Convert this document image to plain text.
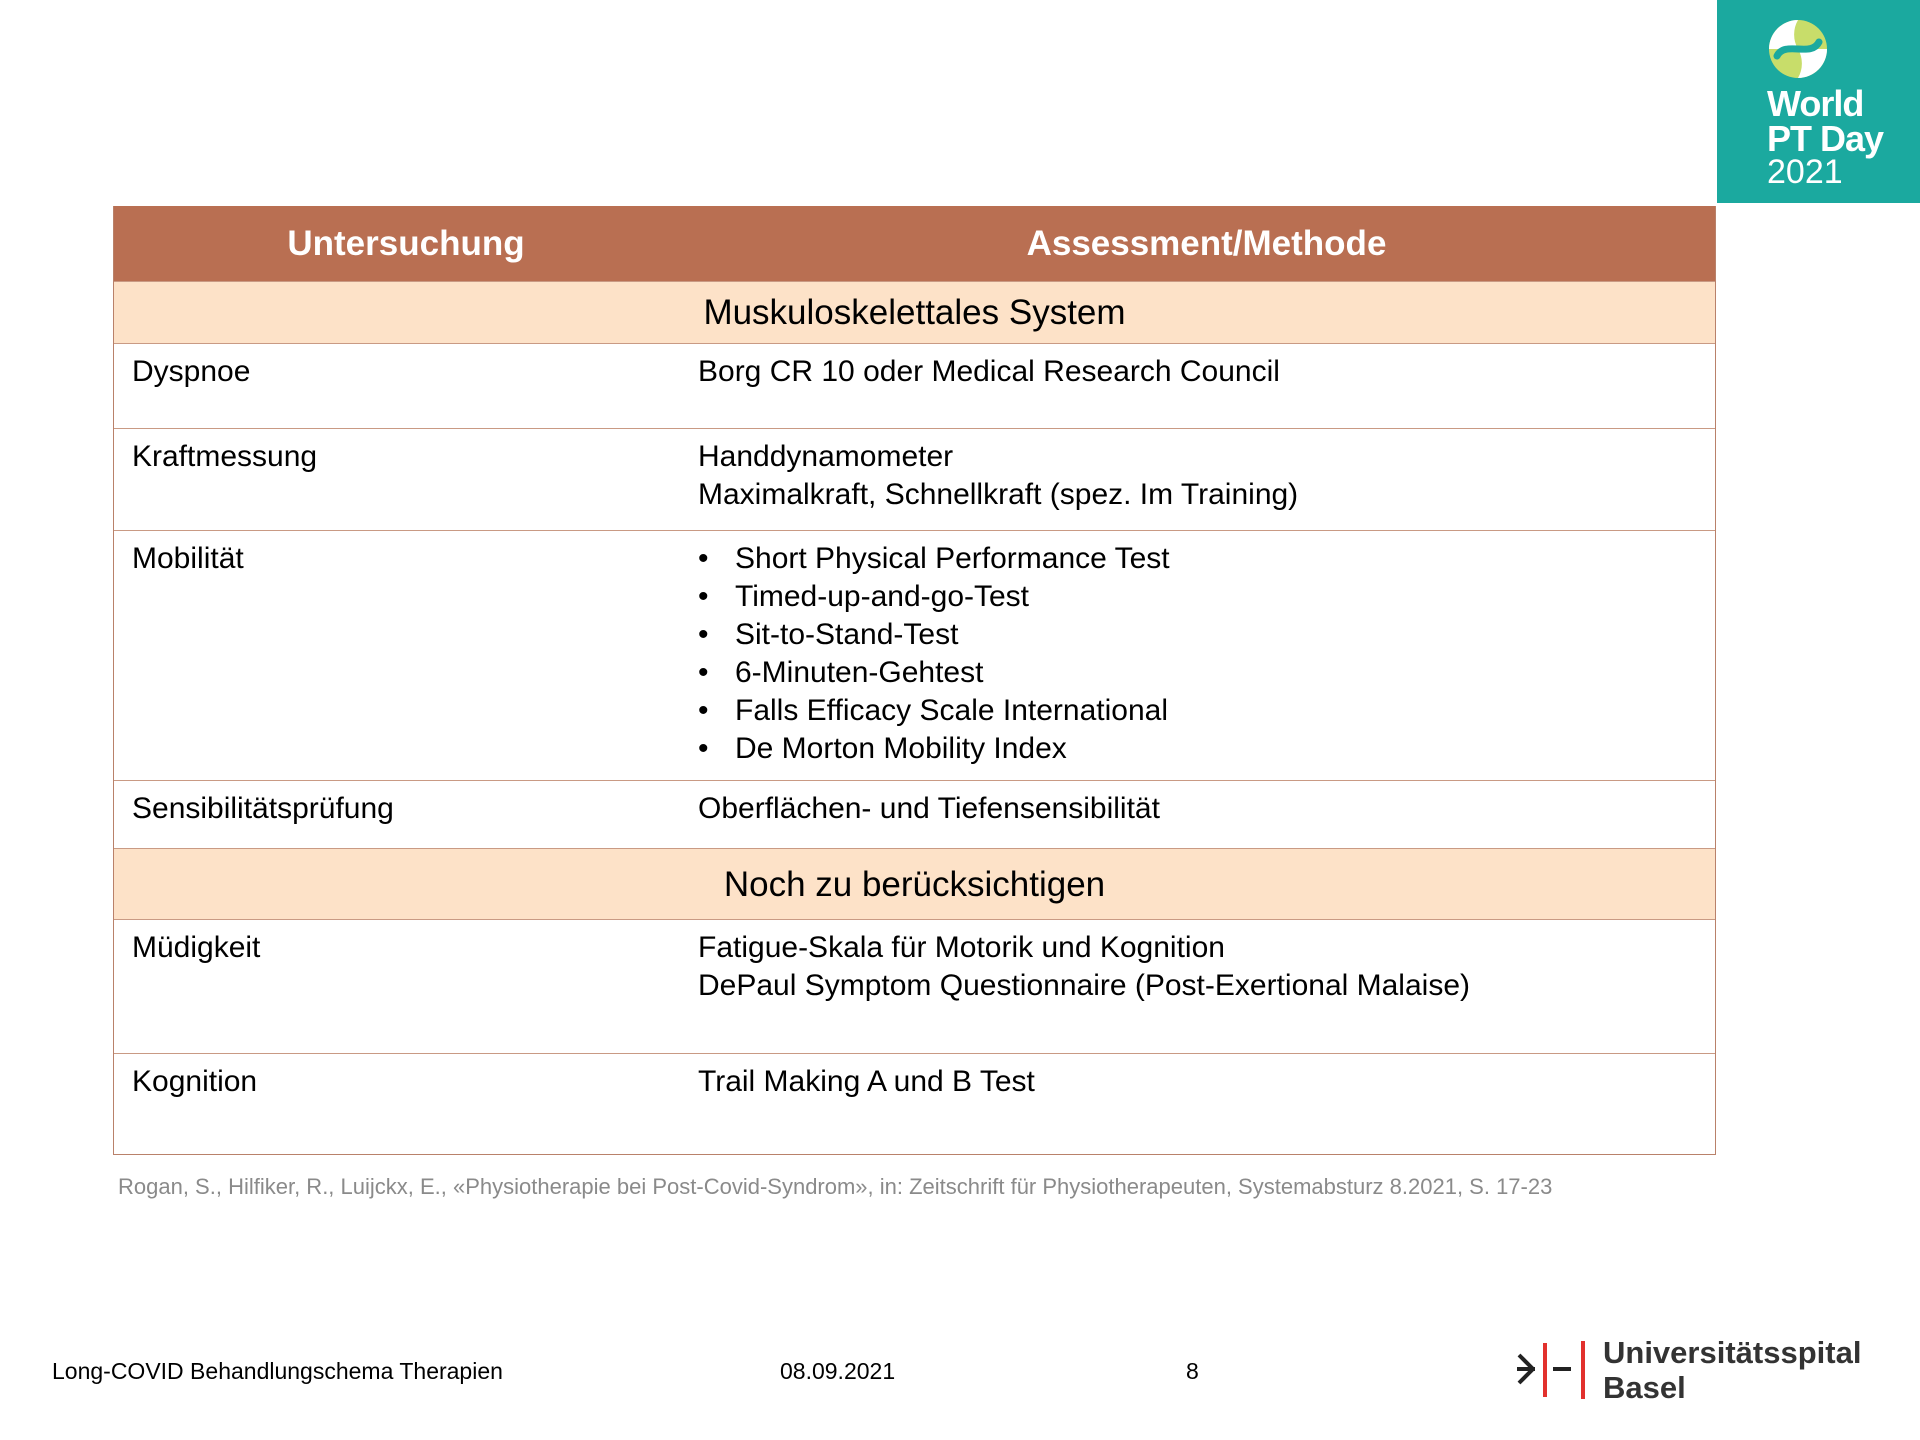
World
PT Day
2021
Untersuchung	Assessment/Methode
Muskuloskelettales System
Dyspnoe	Borg CR 10 oder Medical Research Council
Kraftmessung	Handdynamometer
Maximalkraft, Schnellkraft (spez. Im Training)
Mobilität
•	Short Physical Performance Test
• Timed-up-and-go-Test
• Sit-to-Stand-Test
• 6-Minuten-Gehtest
• Falls Efficacy Scale International
• De Morton Mobility Index
Sensibilitätsprüfung	Oberflächen- und Tiefensensibilität
Noch zu berücksichtigen
Müdigkeit	Fatigue-Skala für Motorik und Kognition
DePaul Symptom Questionnaire (Post-Exertional Malaise)
Kognition	Trail Making A und B Test
Rogan, S., Hilfiker, R., Luijckx, E., «Physiotherapie bei Post-Covid-Syndrom», in: Zeitschrift für Physiotherapeuten, Systemabsturz 8.2021, S. 17-23
Long-COVID Behandlungschema Therapien	08.09.2021	8
Universitätsspital
Basel
